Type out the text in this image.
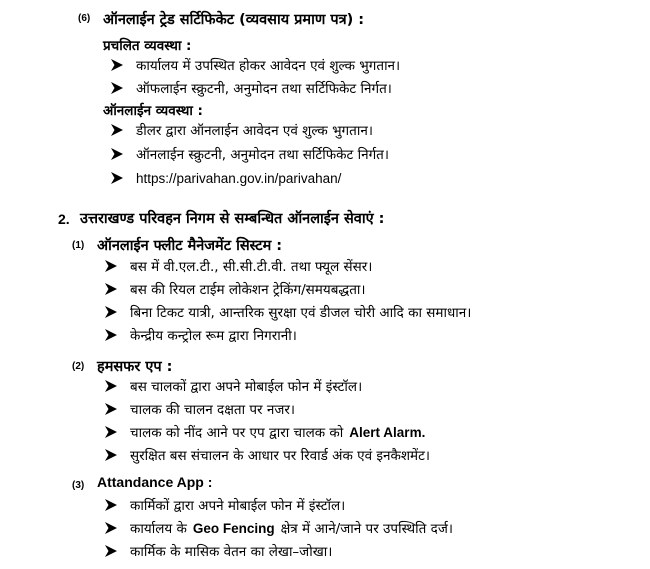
(6) ऑनलाईन ट्रेड सर्टिफिकेट (व्यवसाय प्रमाण पत्र) :
प्रचलित व्यवस्था :
कार्यालय में उपस्थित होकर आवेदन एवं शुल्क भुगतान।
ऑफलाईन स्क्रुटनी, अनुमोदन तथा सर्टिफिकेट निर्गत।
ऑनलाईन व्यवस्था :
डीलर द्वारा ऑनलाईन आवेदन एवं शुल्क भुगतान।
ऑनलाईन स्क्रुटनी, अनुमोदन तथा सर्टिफिकेट निर्गत।
https://parivahan.gov.in/parivahan/
2. उत्तराखण्ड परिवहन निगम से सम्बन्धित ऑनलाईन सेवाएं :
(1) ऑनलाईन फ्लीट मैनेजमेंट सिस्टम :
बस में वी.एल.टी., सी.सी.टी.वी. तथा फ्यूल सेंसर।
बस की रियल टाईम लोकेशन ट्रेकिंग/समयबद्धता।
बिना टिकट यात्री, आन्तरिक सुरक्षा एवं डीजल चोरी आदि का समाधान।
केन्द्रीय कन्ट्रोल रूम द्वारा निगरानी।
(2) हमसफर एप :
बस चालकों द्वारा अपने मोबाईल फोन में इंस्टॉल।
चालक की चालन दक्षता पर नजर।
चालक को नींद आने पर एप द्वारा चालक को Alert Alarm.
सुरक्षित बस संचालन के आधार पर रिवार्ड अंक एवं इनकैशमेंट।
(3) Attandance App :
कार्मिकों द्वारा अपने मोबाईल फोन में इंस्टॉल।
कार्यालय के Geo Fencing क्षेत्र में आने/जाने पर उपस्थिति दर्ज।
कार्मिक के मासिक वेतन का लेखा–जोखा।
